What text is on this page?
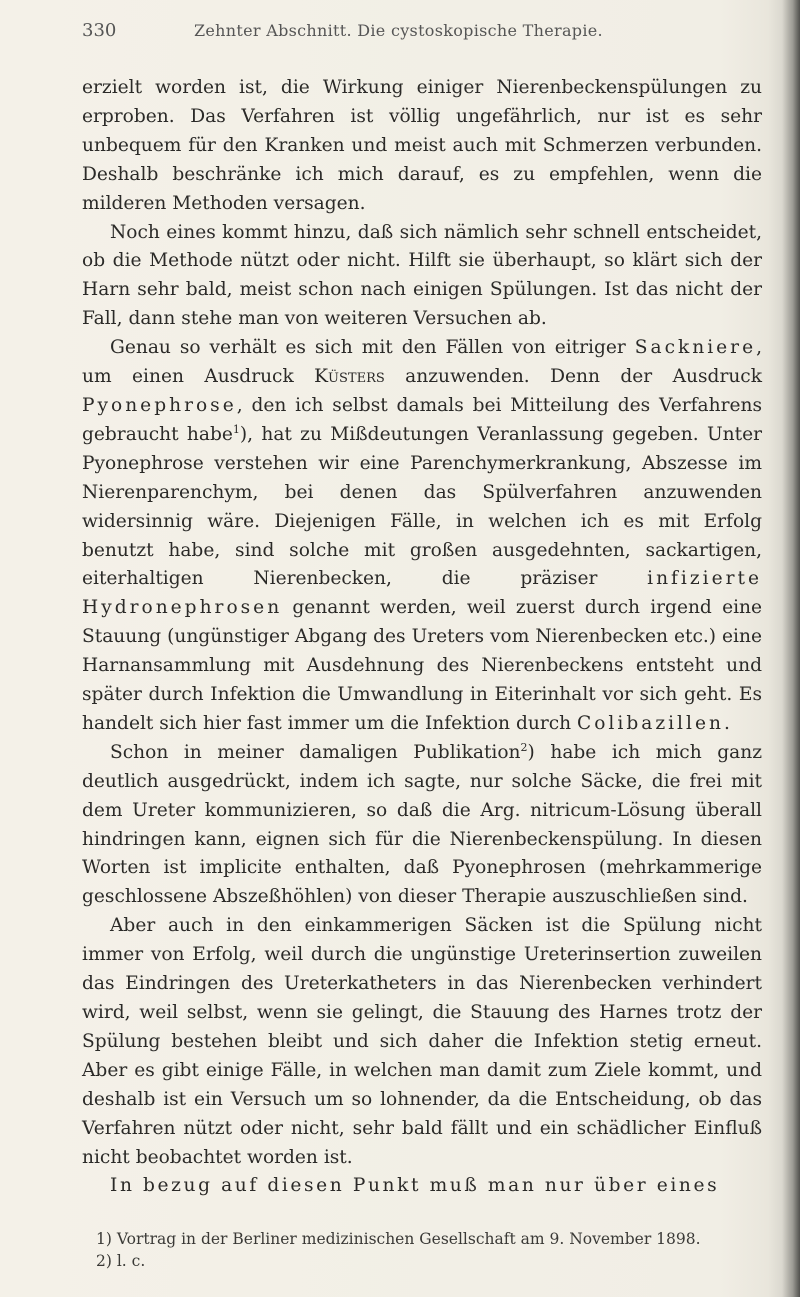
330	Zehnter Abschnitt. Die cystoskopische Therapie.

erzielt worden ist, die Wirkung einiger Nierenbeckenspülungen zu erproben. Das Verfahren ist völlig ungefährlich, nur ist es sehr unbequem für den Kranken und meist auch mit Schmerzen verbunden. Deshalb beschränke ich mich darauf, es zu empfehlen, wenn die milderen Methoden versagen.

Noch eines kommt hinzu, daß sich nämlich sehr schnell entscheidet, ob die Methode nützt oder nicht. Hilft sie überhaupt, so klärt sich der Harn sehr bald, meist schon nach einigen Spülungen. Ist das nicht der Fall, dann stehe man von weiteren Versuchen ab.

Genau so verhält es sich mit den Fällen von eitriger Sackniere, um einen Ausdruck Küsters anzuwenden. Denn der Ausdruck Pyonephrose, den ich selbst damals bei Mitteilung des Verfahrens gebraucht habe$^1$), hat zu Mißdeutungen Veranlassung gegeben. Unter Pyonephrose verstehen wir eine Parenchymerkrankung, Abszesse im Nierenparenchym, bei denen das Spülverfahren anzuwenden widersinnig wäre. Diejenigen Fälle, in welchen ich es mit Erfolg benutzt habe, sind solche mit großen ausgedehnten, sackartigen, eiterhaltigen Nierenbecken, die präziser infizierte Hydronephrosen genannt werden, weil zuerst durch irgend eine Stauung (ungünstiger Abgang des Ureters vom Nierenbecken etc.) eine Harnansammlung mit Ausdehnung des Nierenbeckens entsteht und später durch Infektion die Umwandlung in Eiterinhalt vor sich geht. Es handelt sich hier fast immer um die Infektion durch Colibazillen.

Schon in meiner damaligen Publikation$^2$) habe ich mich ganz deutlich ausgedrückt, indem ich sagte, nur solche Säcke, die frei mit dem Ureter kommunizieren, so daß die Arg. nitricum-Lösung überall hindringen kann, eignen sich für die Nierenbeckenspülung. In diesen Worten ist implicite enthalten, daß Pyonephrosen (mehrkammerige geschlossene Abszeßhöhlen) von dieser Therapie auszuschließen sind.

Aber auch in den einkammerigen Säcken ist die Spülung nicht immer von Erfolg, weil durch die ungünstige Ureterinsertion zuweilen das Eindringen des Ureterkatheters in das Nierenbecken verhindert wird, weil selbst, wenn sie gelingt, die Stauung des Harnes trotz der Spülung bestehen bleibt und sich daher die Infektion stetig erneut. Aber es gibt einige Fälle, in welchen man damit zum Ziele kommt, und deshalb ist ein Versuch um so lohnender, da die Entscheidung, ob das Verfahren nützt oder nicht, sehr bald fällt und ein schädlicher Einfluß nicht beobachtet worden ist.

In bezug auf diesen Punkt muß man nur über eines

1) Vortrag in der Berliner medizinischen Gesellschaft am 9. November 1898.
2) l. c.
